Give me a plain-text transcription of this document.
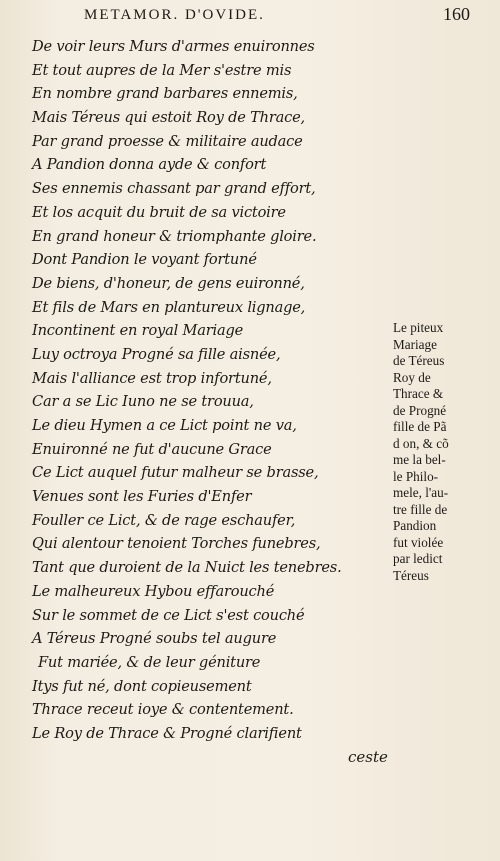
METAMOR. D'OVIDE.	160
De voir leurs Murs d'armes enuironnes
Et tout aupres de la Mer s'estre mis
En nombre grand barbares ennemis,
Mais Téreus qui estoit Roy de Thrace,
Par grand proesse & militaire audace
A Pandion donna ayde & confort
Ses ennemis chassant par grand effort,
Et los acquit du bruit de sa victoire
En grand honeur & triomphante gloire.
Dont Pandion le voyant fortuné
De biens, d'honeur, de gens euironné,
Et fils de Mars en plantureux lignage,
Incontinent en royal Mariage
Luy octroya Progné sa fille aisnée,
Mais l'alliance est trop infortuné,
Car a se Lic Iuno ne se trouua,
Le dieu Hymen a ce Lict point ne va,
Enuironné ne fut d'aucune Grace
Ce Lict auquel futur malheur se brasse,
Venues sont les Furies d'Enfer
Fouller ce Lict, & de rage eschaufer,
Qui alentour tenoient Torches funebres,
Tant que duroient de la Nuict les tenebres.
Le malheureux Hybou effarouché
Sur le sommet de ce Lict s'est couché
A Téreus Progné soubs tel augure
Fut mariée, & de leur géniture
Itys fut né, dont copieusement
Thrace receut ioye & contentement.
Le Roy de Thrace & Progné clarifient
Le piteux
Mariage
de Téreus
Roy de
Thrace &
de Progné
fille de Pã
d on, & cõ
me la bel-
le Philo-
mele, l'au-
tre fille de
Pandion
fut violée
par ledict
Téreus
ceste
